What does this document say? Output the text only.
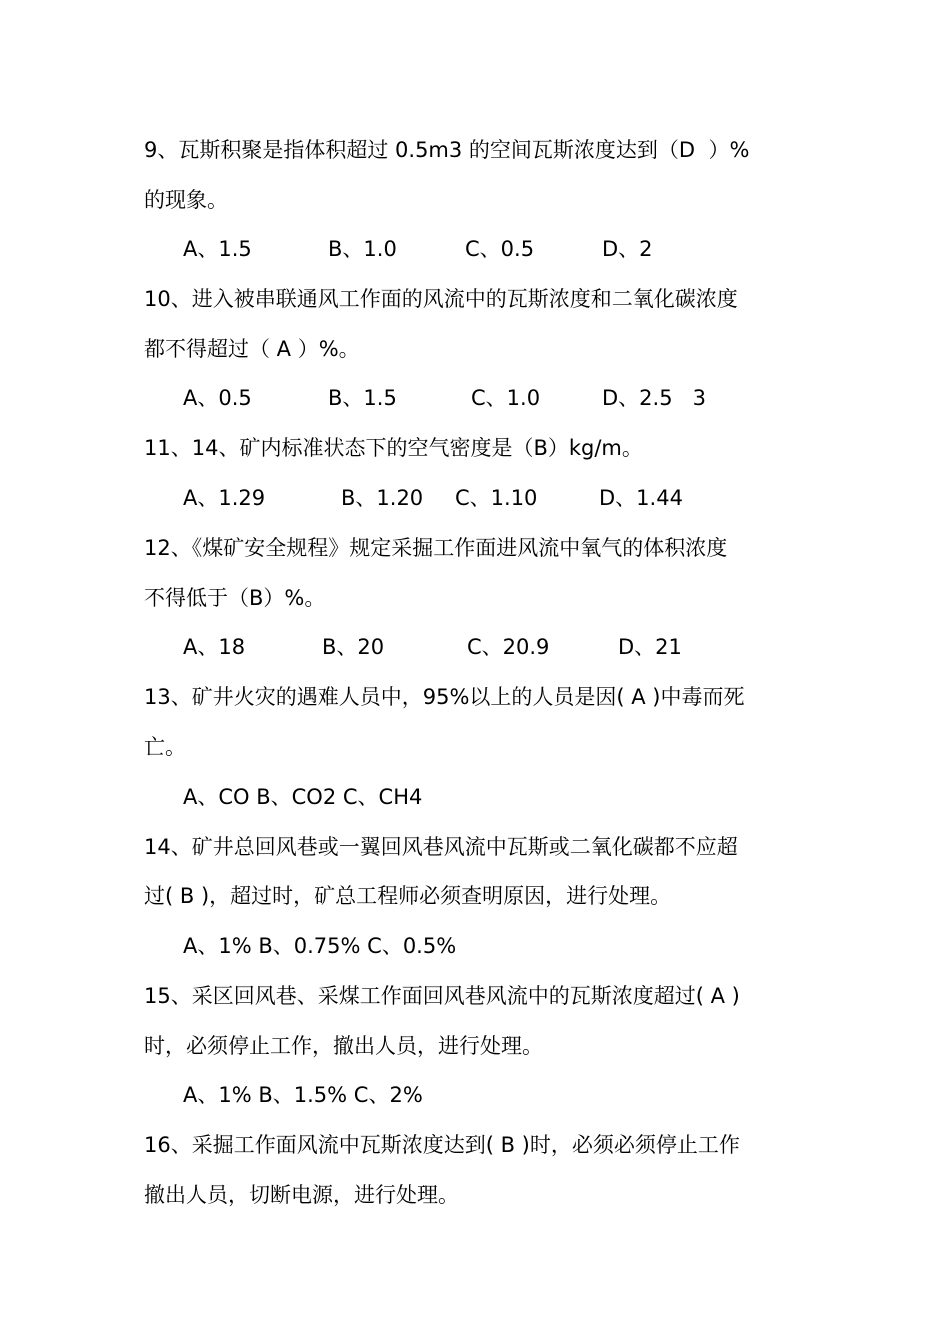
9、瓦斯积聚是指体积超过 0.5m3 的空间瓦斯浓度达到（D  ）%
的现象。

A、1.5

	B、1.0

	C、0.5

	D、2

10、进入被串联通风工作面的风流中的瓦斯浓度和二氧化碳浓度
都不得超过（ A ）%。

A、0.5

	B、1.5

	C、1.0

	D、2.5   3

11、14、矿内标准状态下的空气密度是（B）kg/m。

A、1.29

	B、1.20

C、1.10

	D、1.44

12、《煤矿安全规程》规定采掘工作面进风流中氧气的体积浓度
不得低于（B）%。

A、18

	B、20

	C、20.9

	D、21

13、矿井火灾的遇难人员中，95%以上的人员是因( A )中毒而死
亡。
A、CO B、CO2 C、CH4
14、矿井总回风巷或一翼回风巷风流中瓦斯或二氧化碳都不应超
过( B )，超过时，矿总工程师必须查明原因，进行处理。
A、1% B、0.75% C、0.5%
15、采区回风巷、采煤工作面回风巷风流中的瓦斯浓度超过( A )
时，必须停止工作，撤出人员，进行处理。
A、1% B、1.5% C、2%
16、采掘工作面风流中瓦斯浓度达到( B )时，必须必须停止工作
撤出人员，切断电源，进行处理。
